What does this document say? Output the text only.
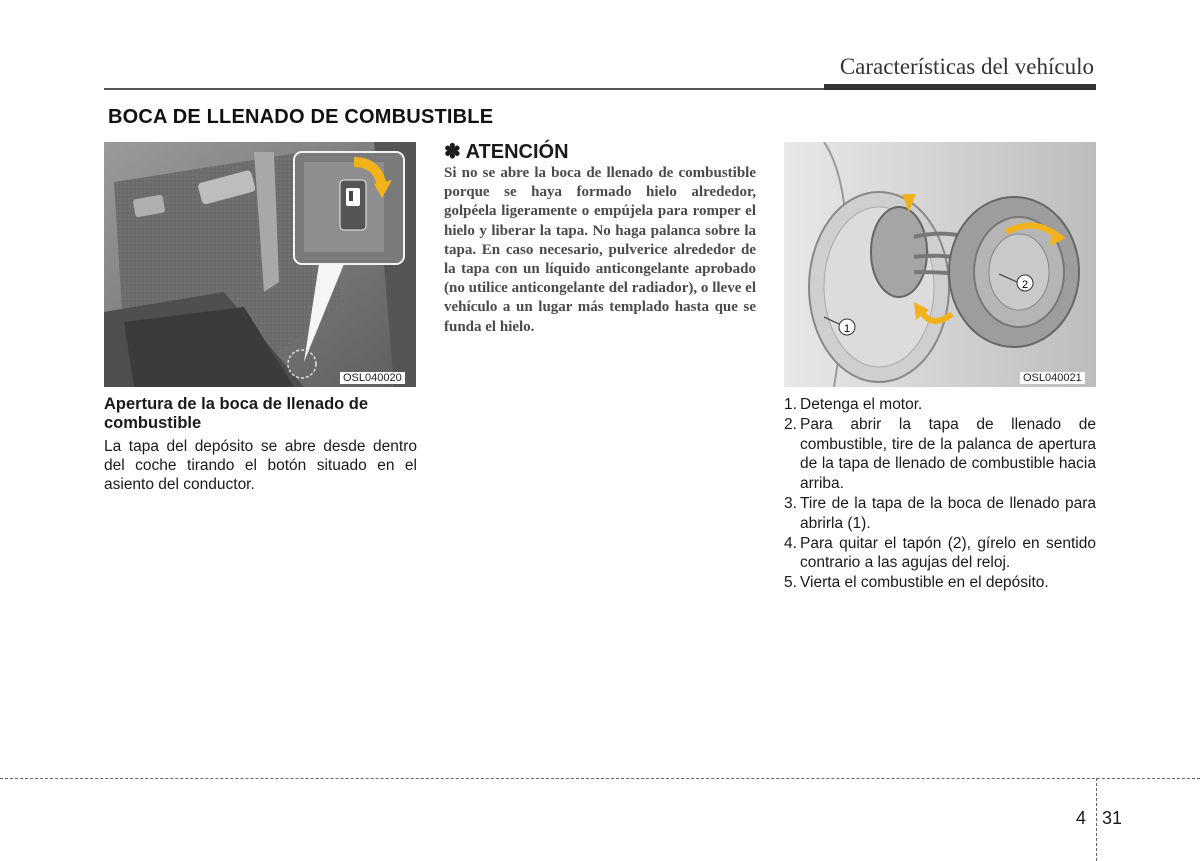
Características del vehículo
BOCA DE LLENADO DE COMBUSTIBLE
OSL040020
Apertura de la boca de llenado de combustible
La tapa del depósito se abre desde dentro del coche tirando el botón situado en el asiento del conductor.
✽ ATENCIÓN
Si no se abre la boca de llenado de combustible porque se haya formado hielo alrededor, golpéela ligeramente o empújela para romper el hielo y liberar la tapa. No haga palanca sobre la tapa. En caso necesario, pulverice alrededor de la tapa con un líquido anticongelante aprobado (no utilice anticongelante del radiador), o lleve el vehículo a un lugar más templado hasta que se funda el hielo.	1
2
OSL040021
1. Detenga el motor.
2. Para abrir la tapa de llenado de combustible, tire de la palanca de apertura de la tapa de llenado de combustible hacia arriba.
3. Tire de la tapa de la boca de llenado para abrirla (1).
4. Para quitar el tapón (2), gírelo en sentido contrario a las agujas del reloj.
5. Vierta el combustible en el depósito.
4 31
